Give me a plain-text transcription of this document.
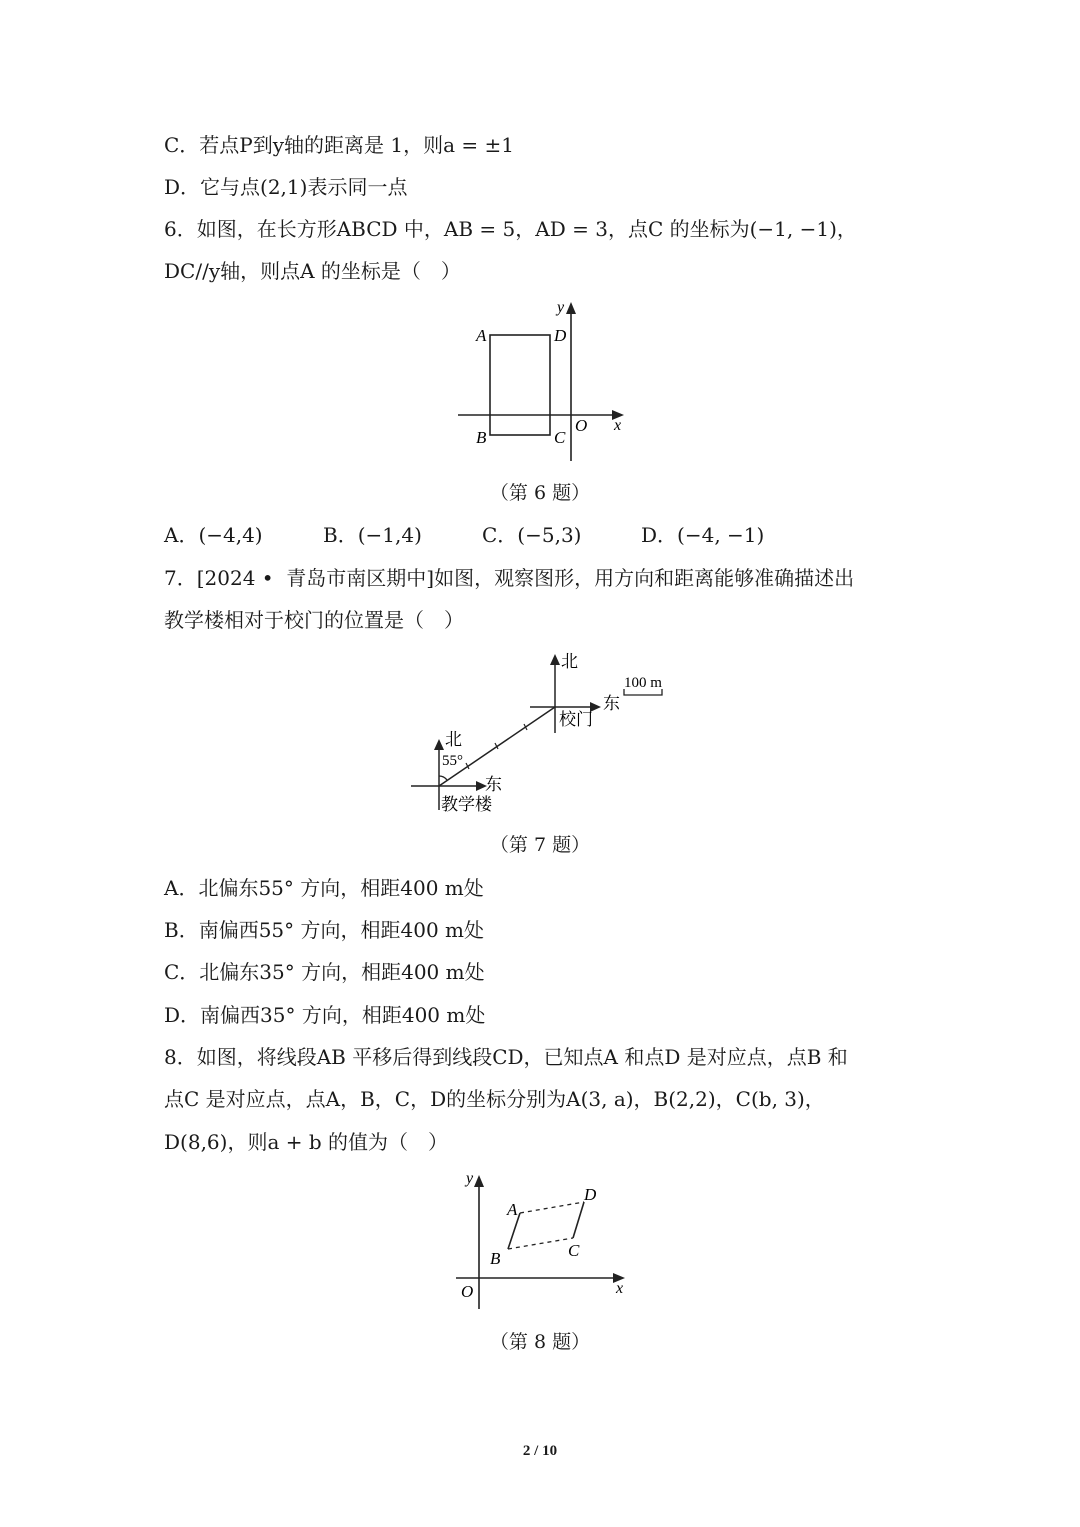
C．若点P到y轴的距离是 1，则a = ±1
D．它与点(2,1)表示同一点
6．如图，在长方形ABCD 中，AB = 5，AD = 3，点C 的坐标为(−1, −1)，
DC//y轴，则点A 的坐标是（　）
A	D
B	C
O x
y
（第 6 题）
A．(−4,4)	B．(−1,4)	C．(−5,3)	D．(−4, −1)
7．[2024 •  青岛市南区期中]如图，观察图形，用方向和距离能够准确描述出
教学楼相对于校门的位置是（　）
北
东
校门
100 m
北
55°
东
教学楼
（第 7 题）
A．北偏东55° 方向，相距400 m处
B．南偏西55° 方向，相距400 m处
C．北偏东35° 方向，相距400 m处
D．南偏西35° 方向，相距400 m处
8．如图，将线段AB 平移后得到线段CD，已知点A 和点D 是对应点，点B 和
点C 是对应点，点A，B，C，D的坐标分别为A(3, a)，B(2,2)，C(b, 3)，
D(8,6)，则a + b 的值为（　）
A
D
B	C
O	x
y
（第 8 题）
2 / 10
